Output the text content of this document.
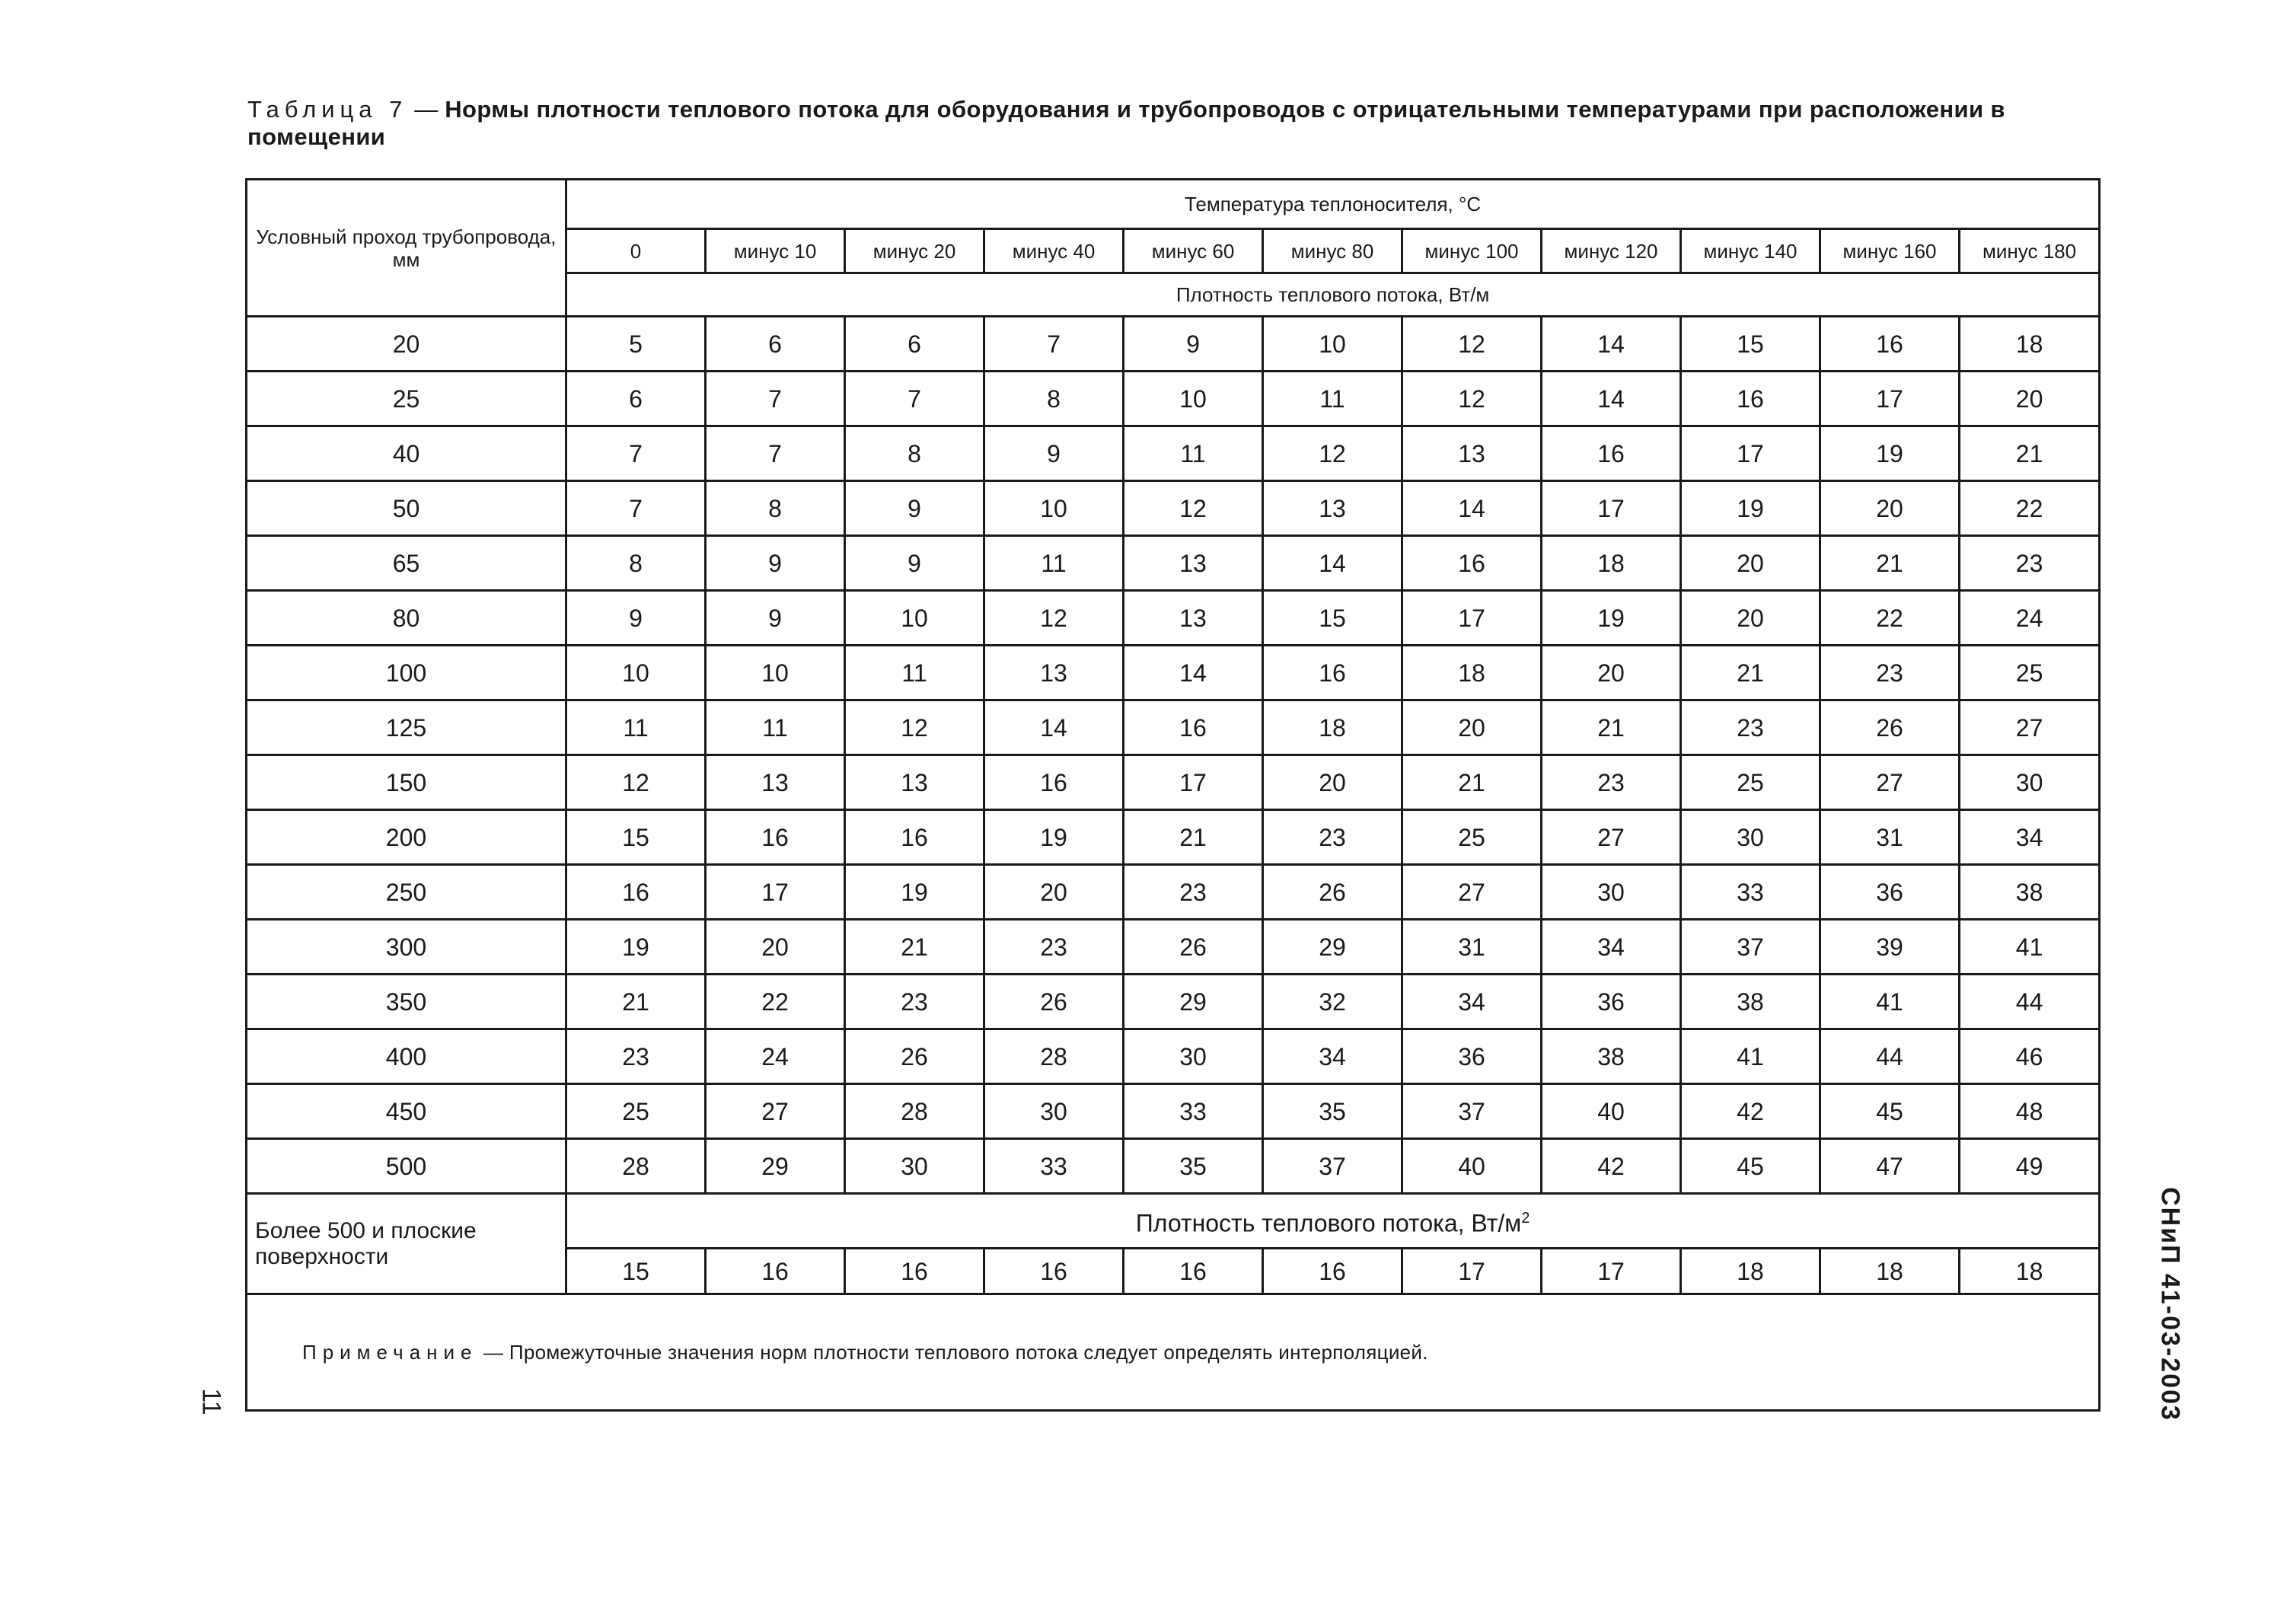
Таблица 7 — Нормы плотности теплового потока для оборудования и трубопроводов с отрицательными температурами при расположении в помещении
Условный проход трубопровода, мм	Температура теплоносителя, °C										
	0	минус 10	минус 20	минус 40	минус 60	минус 80	минус 100	минус 120	минус 140	минус 160	минус 180
	Плотность теплового потока, Вт/м										
20	5	6	6	7	9	10	12	14	15	16	18
25	6	7	7	8	10	11	12	14	16	17	20
40	7	7	8	9	11	12	13	16	17	19	21
50	7	8	9	10	12	13	14	17	19	20	22
65	8	9	9	11	13	14	16	18	20	21	23
80	9	9	10	12	13	15	17	19	20	22	24
100	10	10	11	13	14	16	18	20	21	23	25
125	11	11	12	14	16	18	20	21	23	26	27
150	12	13	13	16	17	20	21	23	25	27	30
200	15	16	16	19	21	23	25	27	30	31	34
250	16	17	19	20	23	26	27	30	33	36	38
300	19	20	21	23	26	29	31	34	37	39	41
350	21	22	23	26	29	32	34	36	38	41	44
400	23	24	26	28	30	34	36	38	41	44	46
450	25	27	28	30	33	35	37	40	42	45	48
500	28	29	30	33	35	37	40	42	45	47	49
Более 500 и плоские поверхности	Плотность теплового потока, $Вт/м^2$
	15	16	16	16	16	16	17	17	18	18	18
Примечание — Промежуточные значения норм плотности теплового потока следует определять интерполяцией.												СНиП 41-03-2003
11
